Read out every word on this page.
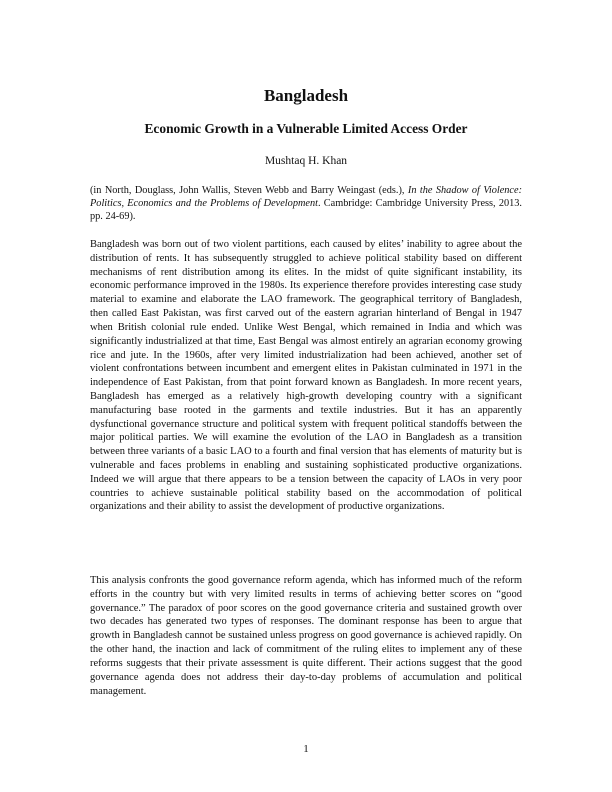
Bangladesh
Economic Growth in a Vulnerable Limited Access Order

Mushtaq H. Khan

(in North, Douglass, John Wallis, Steven Webb and Barry Weingast (eds.), In the Shadow of Violence: Politics, Economics and the Problems of Development. Cambridge: Cambridge University Press, 2013. pp. 24-69).

Bangladesh was born out of two violent partitions, each caused by elites’ inability to agree about the distribution of rents. It has subsequently struggled to achieve political stability based on different mechanisms of rent distribution among its elites. In the midst of quite significant instability, its economic performance improved in the 1980s. Its experience therefore provides interesting case study material to examine and elaborate the LAO framework. The geographical territory of Bangladesh, then called East Pakistan, was first carved out of the eastern agrarian hinterland of Bengal in 1947 when British colonial rule ended. Unlike West Bengal, which remained in India and which was significantly industrialized at that time, East Bengal was almost entirely an agrarian economy growing rice and jute. In the 1960s, after very limited industrialization had been achieved, another set of violent confrontations between incumbent and emergent elites in Pakistan culminated in 1971 in the independence of East Pakistan, from that point forward known as Bangladesh. In more recent years, Bangladesh has emerged as a relatively high-growth developing country with a significant manufacturing base rooted in the garments and textile industries. But it has an apparently dysfunctional governance structure and political system with frequent political standoffs between the major political parties. We will examine the evolution of the LAO in Bangladesh as a transition between three variants of a basic LAO to a fourth and final version that has elements of maturity but is vulnerable and faces problems in enabling and sustaining sophisticated productive organizations. Indeed we will argue that there appears to be a tension between the capacity of LAOs in very poor countries to achieve sustainable political stability based on the accommodation of political organizations and their ability to assist the development of productive organizations.

This analysis confronts the good governance reform agenda, which has informed much of the reform efforts in the country but with very limited results in terms of achieving better scores on “good governance.” The paradox of poor scores on the good governance criteria and sustained growth over two decades has generated two types of responses. The dominant response has been to argue that growth in Bangladesh cannot be sustained unless progress on good governance is achieved rapidly. On the other hand, the inaction and lack of commitment of the ruling elites to implement any of these reforms suggests that their private assessment is quite different. Their actions suggest that the good governance agenda does not address their day-to-day problems of accumulation and political management.

1
